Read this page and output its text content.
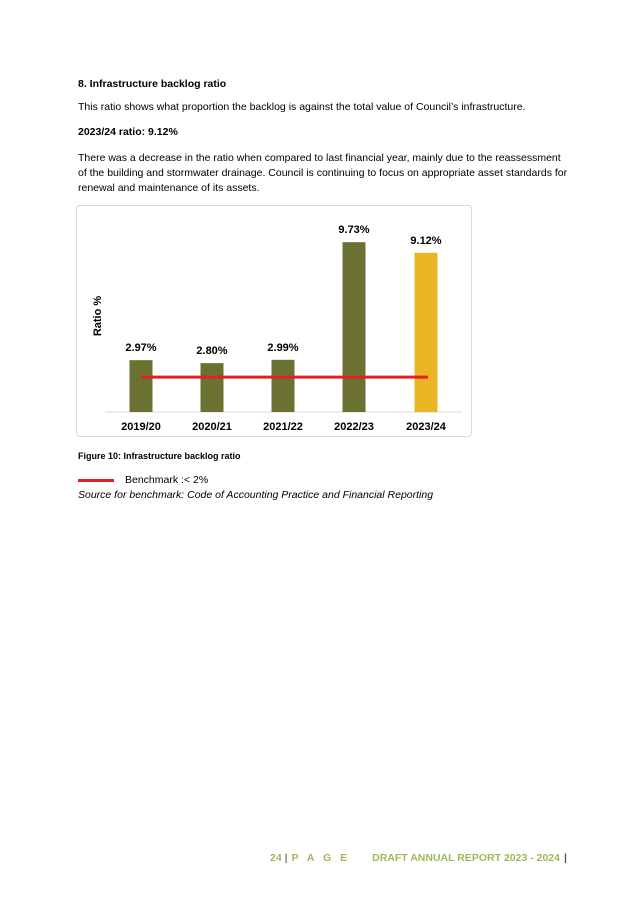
8. Infrastructure backlog ratio
This ratio shows what proportion the backlog is against the total value of Council’s infrastructure.
2023/24 ratio: 9.12%
There was a decrease in the ratio when compared to last financial year, mainly due to the reassessment of the building and stormwater drainage. Council is continuing to focus on appropriate asset standards for renewal and maintenance of its assets.
2.97%
2019/20
2.80%
2020/21
2.99%
2021/22
9.73%
2022/23
9.12%
2023/24
Ratio %
Figure 10: Infrastructure backlog ratio
Benchmark :< 2%
Source for benchmark: Code of Accounting Practice and Financial Reporting
24 | P A G E DRAFT ANNUAL REPORT 2023 - 2024 |
